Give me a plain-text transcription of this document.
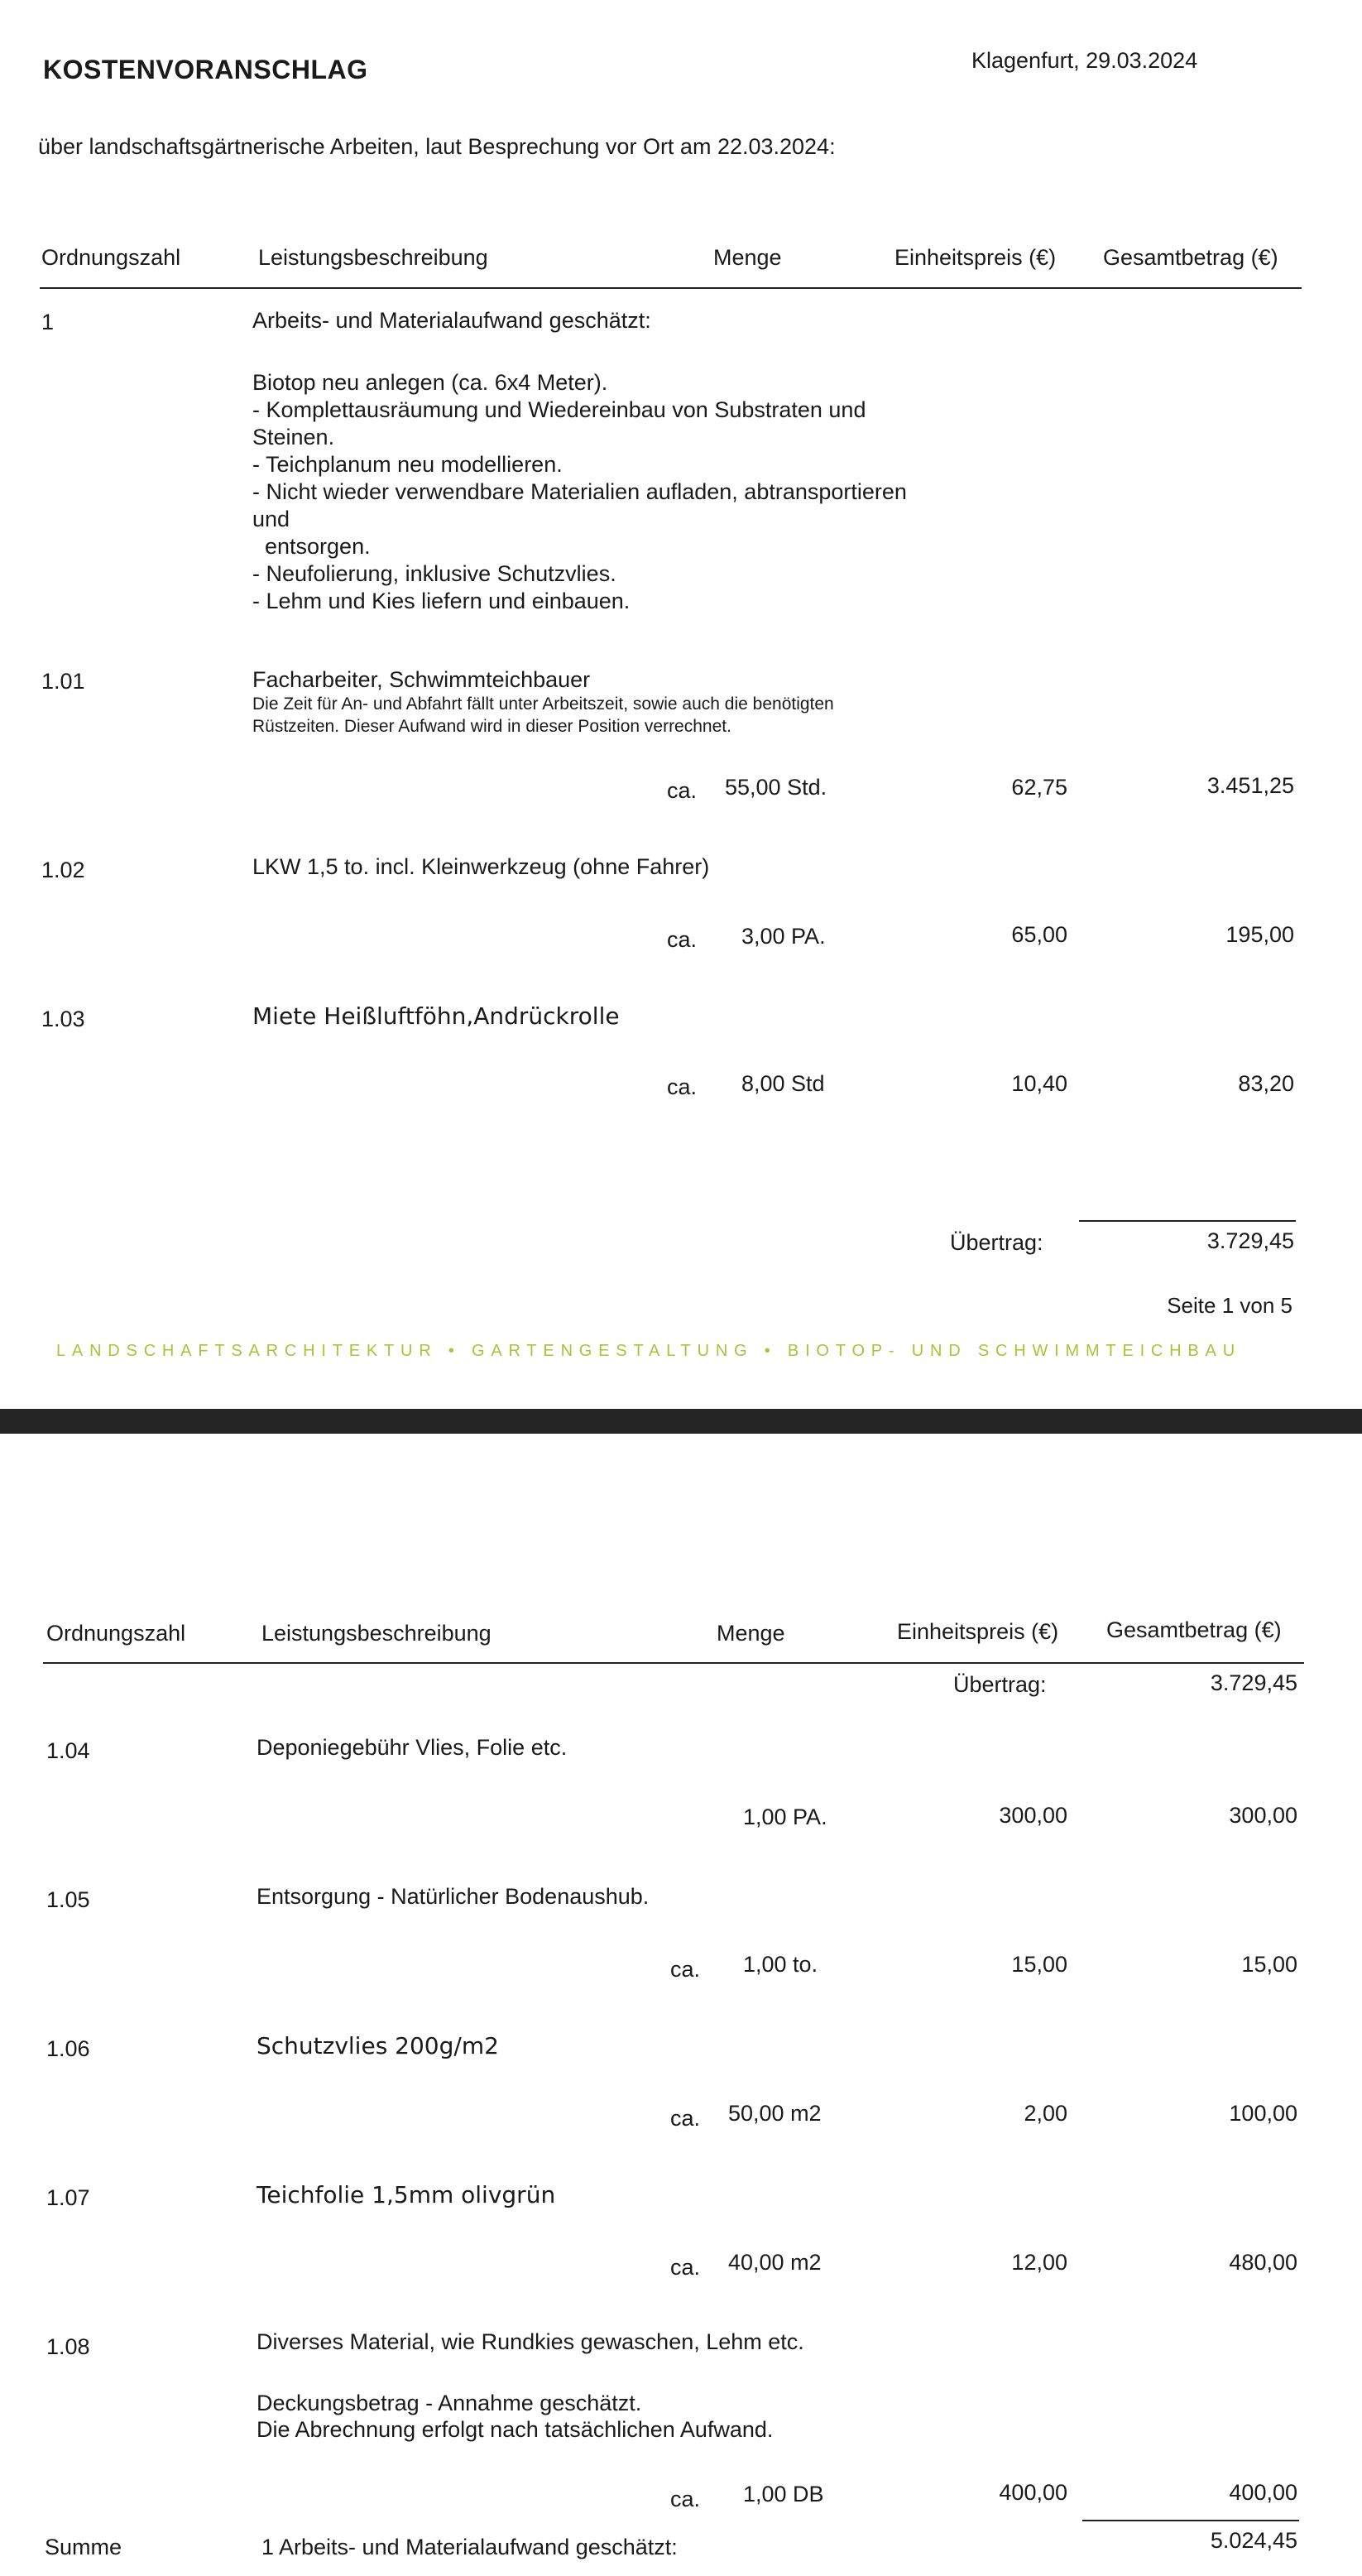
KOSTENVORANSCHLAG	Klagenfurt, 29.03.2024
über landschaftsgärtnerische Arbeiten, laut Besprechung vor Ort am 22.03.2024:
Ordnungszahl	Leistungsbeschreibung	Menge	Einheitspreis (€) Gesamtbetrag (€)
1	Arbeits- und Materialaufwand geschätzt:
Biotop neu anlegen (ca. 6x4 Meter).
- Komplettausräumung und Wiedereinbau von Substraten und
Steinen.
- Teichplanum neu modellieren.
- Nicht wieder verwendbare Materialien aufladen, abtransportieren
und
entsorgen.
- Neufolierung, inklusive Schutzvlies.
- Lehm und Kies liefern und einbauen.
1.01	Facharbeiter, Schwimmteichbauer
Die Zeit für An- und Abfahrt fällt unter Arbeitszeit, sowie auch die benötigten
Rüstzeiten. Dieser Aufwand wird in dieser Position verrechnet.
ca. 55,00 Std.	62,75	3.451,25
1.02	LKW 1,5 to. incl. Kleinwerkzeug (ohne Fahrer)
ca. 3,00 PA.	65,00	195,00
1.03	Miete Heißluftföhn,Andrückrolle
ca. 8,00 Std	10,40	83,20
Übertrag:	3.729,45
Seite 1 von 5
LANDSCHAFTSARCHITEKTUR • GARTENGESTALTUNG • BIOTOP- UND SCHWIMMTEICHBAU
Ordnungszahl	Leistungsbeschreibung	Menge	Einheitspreis (€) Gesamtbetrag (€)
Übertrag:	3.729,45
1.04	Deponiegebühr Vlies, Folie etc.
1,00 PA.	300,00	300,00
1.05	Entsorgung - Natürlicher Bodenaushub.
ca. 1,00 to.	15,00	15,00
1.06	Schutzvlies 200g/m2
ca. 50,00 m2	2,00	100,00
1.07	Teichfolie 1,5mm olivgrün
ca. 40,00 m2	12,00	480,00
1.08	Diverses Material, wie Rundkies gewaschen, Lehm etc.
Deckungsbetrag - Annahme geschätzt.
Die Abrechnung erfolgt nach tatsächlichen Aufwand.
ca. 1,00 DB	400,00	400,00
Summe	1 Arbeits- und Materialaufwand geschätzt:	5.024,45
